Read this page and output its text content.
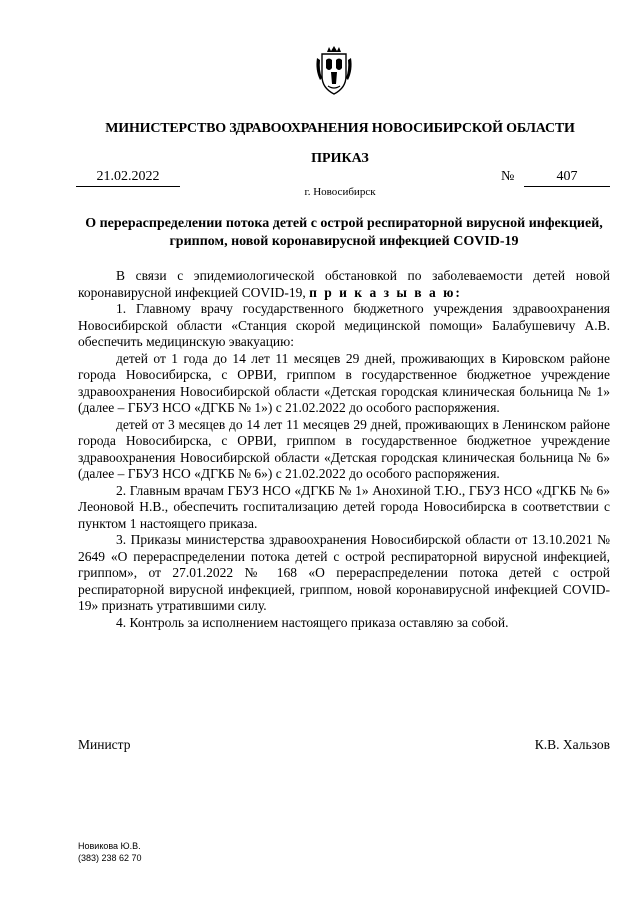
МИНИСТЕРСТВО ЗДРАВООХРАНЕНИЯ НОВОСИБИРСКОЙ ОБЛАСТИ
ПРИКАЗ
21.02.2022	№	407
г. Новосибирск
О перераспределении потока детей с острой респираторной вирусной инфекцией, гриппом, новой коронавирусной инфекцией COVID-19

В связи с эпидемиологической обстановкой по заболеваемости детей новой коронавирусной инфекцией COVID-19, п р и к а з ы в а ю:

1. Главному врачу государственного бюджетного учреждения здравоохранения Новосибирской области «Станция скорой медицинской помощи» Балабушевичу А.В. обеспечить медицинскую эвакуацию:

детей от 1 года до 14 лет 11 месяцев 29 дней, проживающих в Кировском районе города Новосибирска, с ОРВИ, гриппом в государственное бюджетное учреждение здравоохранения Новосибирской области «Детская городская клиническая больница № 1» (далее – ГБУЗ НСО «ДГКБ № 1») с 21.02.2022 до особого распоряжения.

детей от 3 месяцев до 14 лет 11 месяцев 29 дней, проживающих в Ленинском районе города Новосибирска, с ОРВИ, гриппом в государственное бюджетное учреждение здравоохранения Новосибирской области «Детская городская клиническая больница № 6» (далее – ГБУЗ НСО «ДГКБ № 6») с 21.02.2022 до особого распоряжения.

2. Главным врачам ГБУЗ НСО «ДГКБ № 1» Анохиной Т.Ю., ГБУЗ НСО «ДГКБ № 6» Леоновой Н.В., обеспечить госпитализацию детей города Новосибирска в соответствии с пунктом 1 настоящего приказа.

3. Приказы министерства здравоохранения Новосибирской области от 13.10.2021 № 2649 «О перераспределении потока детей с острой респираторной вирусной инфекцией, гриппом», от 27.01.2022 № 168 «О перераспределении потока детей с острой респираторной вирусной инфекцией, гриппом, новой коронавирусной инфекцией COVID-19» признать утратившими силу.

4. Контроль за исполнением настоящего приказа оставляю за собой.

Министр	К.В. Хальзов
Новикова Ю.В.
(383) 238 62 70
